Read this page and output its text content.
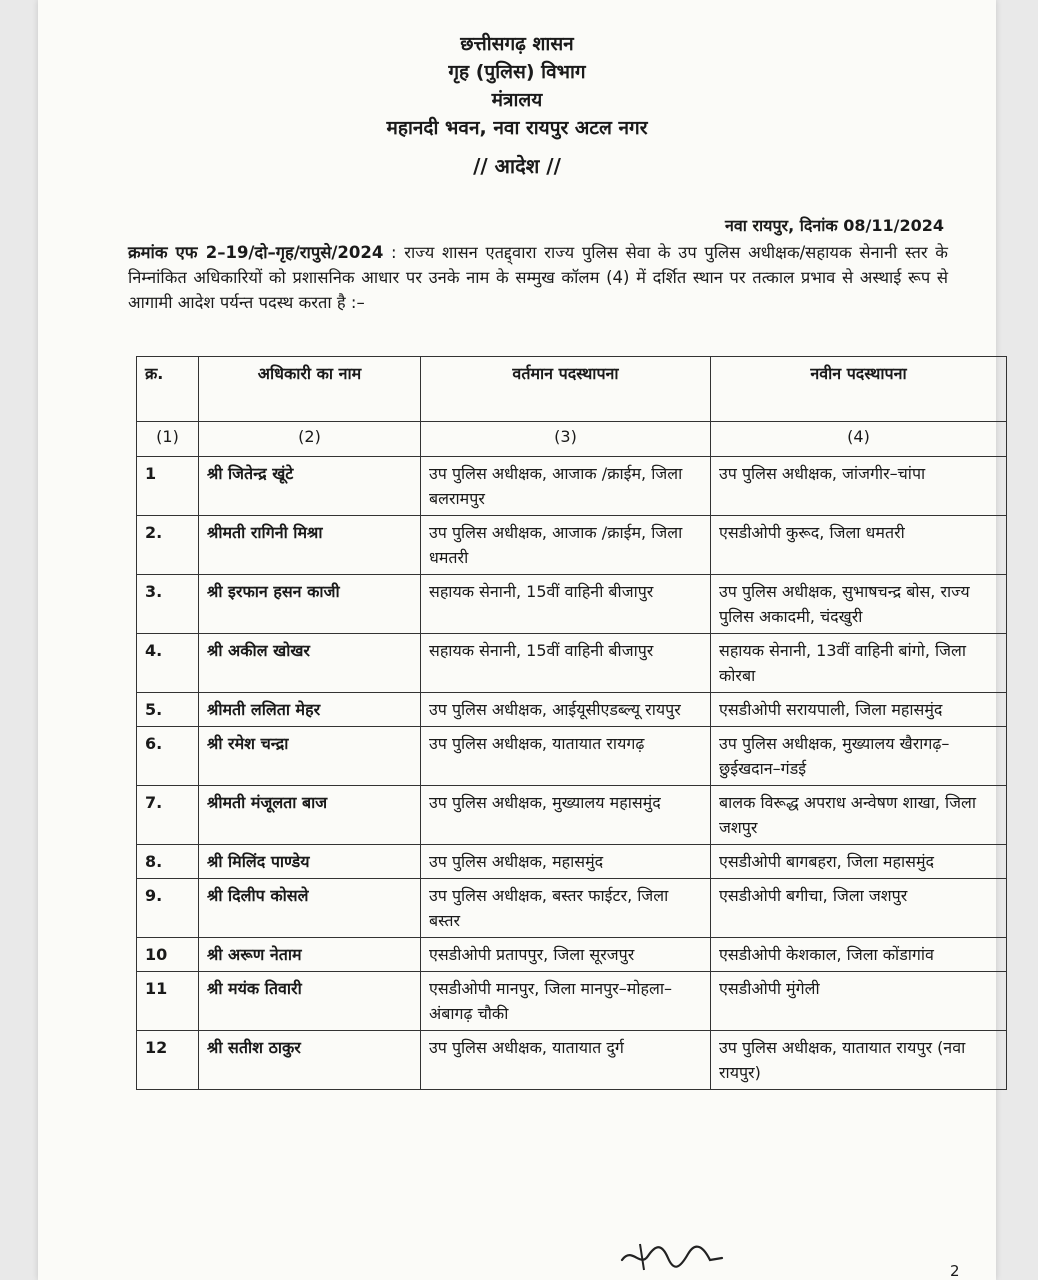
छत्तीसगढ़ शासन
गृह (पुलिस) विभाग
मंत्रालय
महानदी भवन, नवा रायपुर अटल नगर
// आदेश //
नवा रायपुर, दिनांक 08/11/2024
क्रमांक एफ 2–19/दो–गृह/रापुसे/2024 : राज्य शासन एतद्द्वारा राज्य पुलिस सेवा के उप पुलिस अधीक्षक/सहायक सेनानी स्तर के निम्नांकित अधिकारियों को प्रशासनिक आधार पर उनके नाम के सम्मुख कॉलम (4) में दर्शित स्थान पर तत्काल प्रभाव से अस्थाई रूप से आगामी आदेश पर्यन्त पदस्थ करता है :–
क्र.	अधिकारी का नाम	वर्तमान पदस्थापना	नवीन पदस्थापना
(1)	(2)	(3)	(4)
1	श्री जितेन्द्र खूंटे	उप पुलिस अधीक्षक, आजाक /क्राईम, जिला बलरामपुर	उप पुलिस अधीक्षक, जांजगीर–चांपा
2.	श्रीमती रागिनी मिश्रा	उप पुलिस अधीक्षक, आजाक /क्राईम, जिला धमतरी	एसडीओपी कुरूद, जिला धमतरी
3.	श्री इरफान हसन काजी	सहायक सेनानी, 15वीं वाहिनी बीजापुर	उप पुलिस अधीक्षक, सुभाषचन्द्र बोस, राज्य पुलिस अकादमी, चंदखुरी
4.	श्री अकील खोखर	सहायक सेनानी, 15वीं वाहिनी बीजापुर	सहायक सेनानी, 13वीं वाहिनी बांगो, जिला कोरबा
5.	श्रीमती ललिता मेहर	उप पुलिस अधीक्षक, आईयूसीएडब्ल्यू रायपुर	एसडीओपी सरायपाली, जिला महासमुंद
6.	श्री रमेश चन्द्रा	उप पुलिस अधीक्षक, यातायात रायगढ़	उप पुलिस अधीक्षक, मुख्यालय खैरागढ़–छुईखदान–गंडई
7.	श्रीमती मंजूलता बाज	उप पुलिस अधीक्षक, मुख्यालय महासमुंद	बालक विरूद्ध अपराध अन्वेषण शाखा, जिला जशपुर
8.	श्री मिलिंद पाण्डेय	उप पुलिस अधीक्षक, महासमुंद	एसडीओपी बागबहरा, जिला महासमुंद
9.	श्री दिलीप कोसले	उप पुलिस अधीक्षक, बस्तर फाईटर, जिला बस्तर	एसडीओपी बगीचा, जिला जशपुर
10	श्री अरूण नेताम	एसडीओपी प्रतापपुर, जिला सूरजपुर	एसडीओपी केशकाल, जिला कोंडागांव
11	श्री मयंक तिवारी	एसडीओपी मानपुर, जिला मानपुर–मोहला–अंबागढ़ चौकी	एसडीओपी मुंगेली
12	श्री सतीश ठाकुर	उप पुलिस अधीक्षक, यातायात दुर्ग	उप पुलिस अधीक्षक, यातायात रायपुर (नवा रायपुर)
2
